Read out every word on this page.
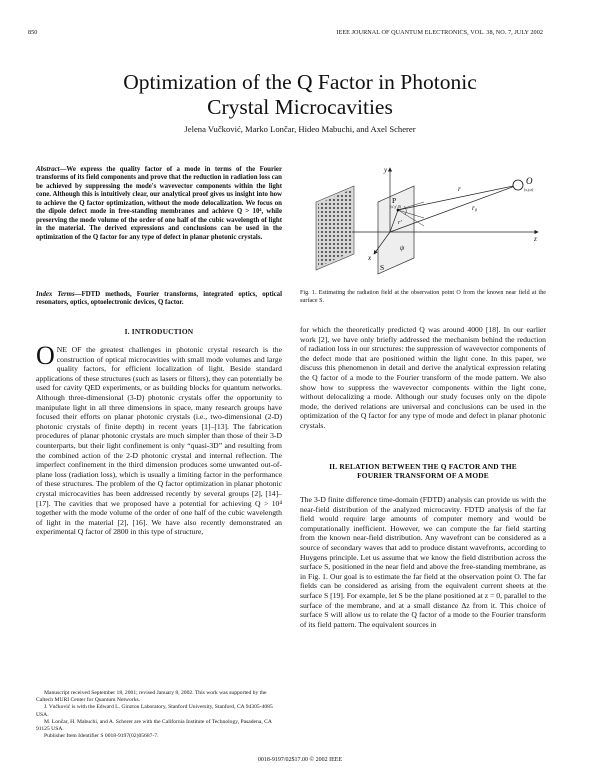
850	IEEE JOURNAL OF QUANTUM ELECTRONICS, VOL. 38, NO. 7, JULY 2002
Optimization of the Q Factor in Photonic
Crystal Microcavities
Jelena Vučković, Marko Lončar, Hideo Mabuchi, and Axel Scherer

Abstract—We express the quality factor of a mode in terms of the Fourier transforms of its field components and prove that the reduction in radiation loss can be achieved by suppressing the mode's wavevector components within the light cone. Although this is intuitively clear, our analytical proof gives us insight into how to achieve the Q factor optimization, without the mode delocalization. We focus on the dipole defect mode in free-standing membranes and achieve Q > 10⁴, while preserving the mode volume of the order of one half of the cubic wavelength of light in the material. The derived expressions and conclusions can be used in the optimization of the Q factor for any type of defect in planar photonic crystals.

Index Terms—FDTD methods, Fourier transforms, integrated optics, optical resonators, optics, optoelectronic devices, Q factor.

y
z
x
P
(x',y',0)
O
(x,y,z)
r
r₀
r'
S
ψ

Fig. 1. Estimating the radiation field at the observation point O from the known near field at the surface S.

I. INTRODUCTION

ONE OF the greatest challenges in photonic crystal research is the construction of optical microcavities with small mode volumes and large quality factors, for efficient localization of light. Beside standard applications of these structures (such as lasers or filters), they can potentially be used for cavity QED experiments, or as building blocks for quantum networks. Although three-dimensional (3-D) photonic crystals offer the opportunity to manipulate light in all three dimensions in space, many research groups have focused their efforts on planar photonic crystals (i.e., two-dimensional (2-D) photonic crystals of finite depth) in recent years [1]–[13]. The fabrication procedures of planar photonic crystals are much simpler than those of their 3-D counterparts, but their light confinement is only “quasi-3D” and resulting from the combined action of the 2-D photonic crystal and internal reflection. The imperfect confinement in the third dimension produces some unwanted out-of-plane loss (radiation loss), which is usually a limiting factor in the performance of these structures. The problem of the Q factor optimization in planar photonic crystal microcavities has been addressed recently by several groups [2], [14]–[17]. The cavities that we proposed have a potential for achieving Q > 10⁴ together with the mode volume of the order of one half of the cubic wavelength of light in the material [2], [16]. We have also recently demonstrated an experimental Q factor of 2800 in this type of structure,

for which the theoretically predicted Q was around 4000 [18]. In our earlier work [2], we have only briefly addressed the mechanism behind the reduction of radiation loss in our structures: the suppression of wavevector components of the defect mode that are positioned within the light cone. In this paper, we discuss this phenomenon in detail and derive the analytical expression relating the Q factor of a mode to the Fourier transform of the mode pattern. We also show how to suppress the wavevector components within the light cone, without delocalizing a mode. Although our study focuses only on the dipole mode, the derived relations are universal and conclusions can be used in the optimization of the Q factor for any type of mode and defect in planar photonic crystals.

II. RELATION BETWEEN THE Q FACTOR AND THE
FOURIER TRANSFORM OF A MODE

The 3-D finite difference time-domain (FDTD) analysis can provide us with the near-field distribution of the analyzed microcavity. FDTD analysis of the far field would require large amounts of computer memory and would be computationally inefficient. However, we can compute the far field starting from the known near-field distribution. Any wavefront can be considered as a source of secondary waves that add to produce distant wavefronts, according to Huygens principle. Let us assume that we know the field distribution across the surface S, positioned in the near field and above the free-standing membrane, as in Fig. 1. Our goal is to estimate the far field at the observation point O. The far fields can be considered as arising from the equivalent current sheets at the surface S [19]. For example, let S be the plane positioned at z = 0, parallel to the surface of the membrane, and at a small distance Δz from it. This choice of surface S will allow us to relate the Q factor of a mode to the Fourier transform of its field pattern. The equivalent sources in

Manuscript received September 18, 2001; revised January 8, 2002. This work was supported by the Caltech MURI Center for Quantum Networks.

J. Vučković is with the Edward L. Ginzton Laboratory, Stanford University, Stanford, CA 94305-4085 USA.

M. Lončar, H. Mabuchi, and A. Scherer are with the California Institute of Technology, Pasadena, CA 91125 USA.

Publisher Item Identifier S 0018-9197(02)05687-7.

0018-9197/02$17.00 © 2002 IEEE
